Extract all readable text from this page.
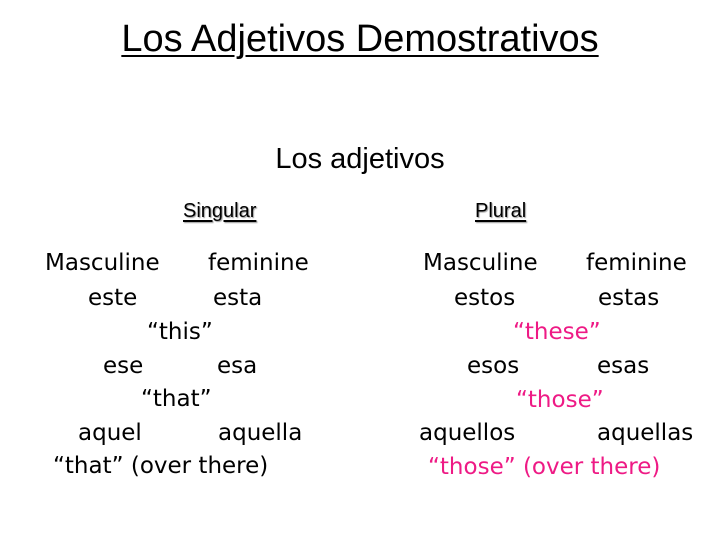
Los Adjetivos Demostrativos
Los adjetivos
Singular
Masculine feminine
este	esta
“this”
ese	esa
“that”
aquel	aquella
“that” (over there)
Plural
Masculine feminine
estos	estas
“these”
esos	esas
“those”
aquellos	aquellas
“those” (over there)
